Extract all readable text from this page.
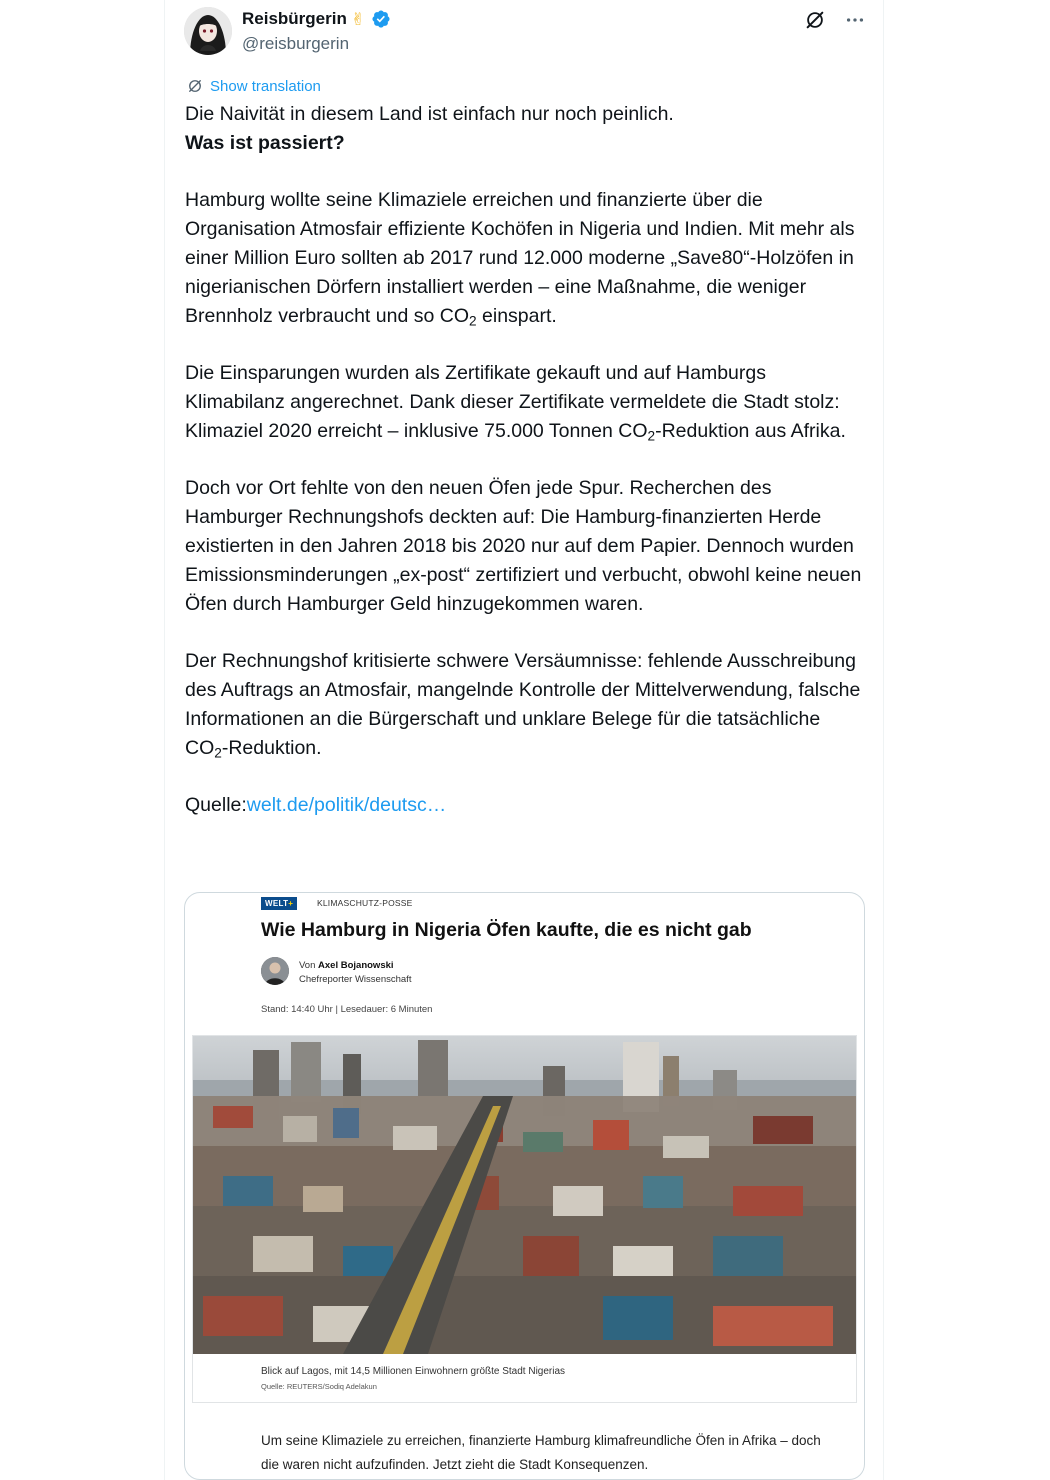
Reisbürgerin ✌
@reisburgerin
Show translation

Die Naivität in diesem Land ist einfach nur noch peinlich.

Was ist passiert?

Hamburg wollte seine Klimaziele erreichen und finanzierte über die Organisation Atmosfair effiziente Kochöfen in Nigeria und Indien. Mit mehr als einer Million Euro sollten ab 2017 rund 12.000 moderne „Save80“-Holzöfen in nigerianischen Dörfern installiert werden – eine Maßnahme, die weniger Brennholz verbraucht und so $CO_2$ einspart.

Die Einsparungen wurden als Zertifikate gekauft und auf Hamburgs Klimabilanz angerechnet. Dank dieser Zertifikate vermeldete die Stadt stolz: Klimaziel 2020 erreicht – inklusive 75.000 Tonnen $CO_2$-Reduktion aus Afrika.

Doch vor Ort fehlte von den neuen Öfen jede Spur. Recherchen des Hamburger Rechnungshofs deckten auf: Die Hamburg-finanzierten Herde existierten in den Jahren 2018 bis 2020 nur auf dem Papier. Dennoch wurden Emissionsminderungen „ex-post“ zertifiziert und verbucht, obwohl keine neuen Öfen durch Hamburger Geld hinzugekommen waren.

Der Rechnungshof kritisierte schwere Versäumnisse: fehlende Ausschreibung des Auftrags an Atmosfair, mangelnde Kontrolle der Mittelverwendung, falsche Informationen an die Bürgerschaft und unklare Belege für die tatsächliche $CO_2$-Reduktion.

Quelle:welt.de/politik/deutsc…

WELT+	KLIMASCHUTZ-POSSE
Wie Hamburg in Nigeria Öfen kaufte, die es nicht gab
Von Axel Bojanowski
Chefreporter Wissenschaft
Stand: 14:40 Uhr | Lesedauer: 6 Minuten
Blick auf Lagos, mit 14,5 Millionen Einwohnern größte Stadt Nigerias
Quelle: REUTERS/Sodiq Adelakun
Um seine Klimaziele zu erreichen, finanzierte Hamburg klimafreundliche Öfen in Afrika – doch die waren nicht aufzufinden. Jetzt zieht die Stadt Konsequenzen.
